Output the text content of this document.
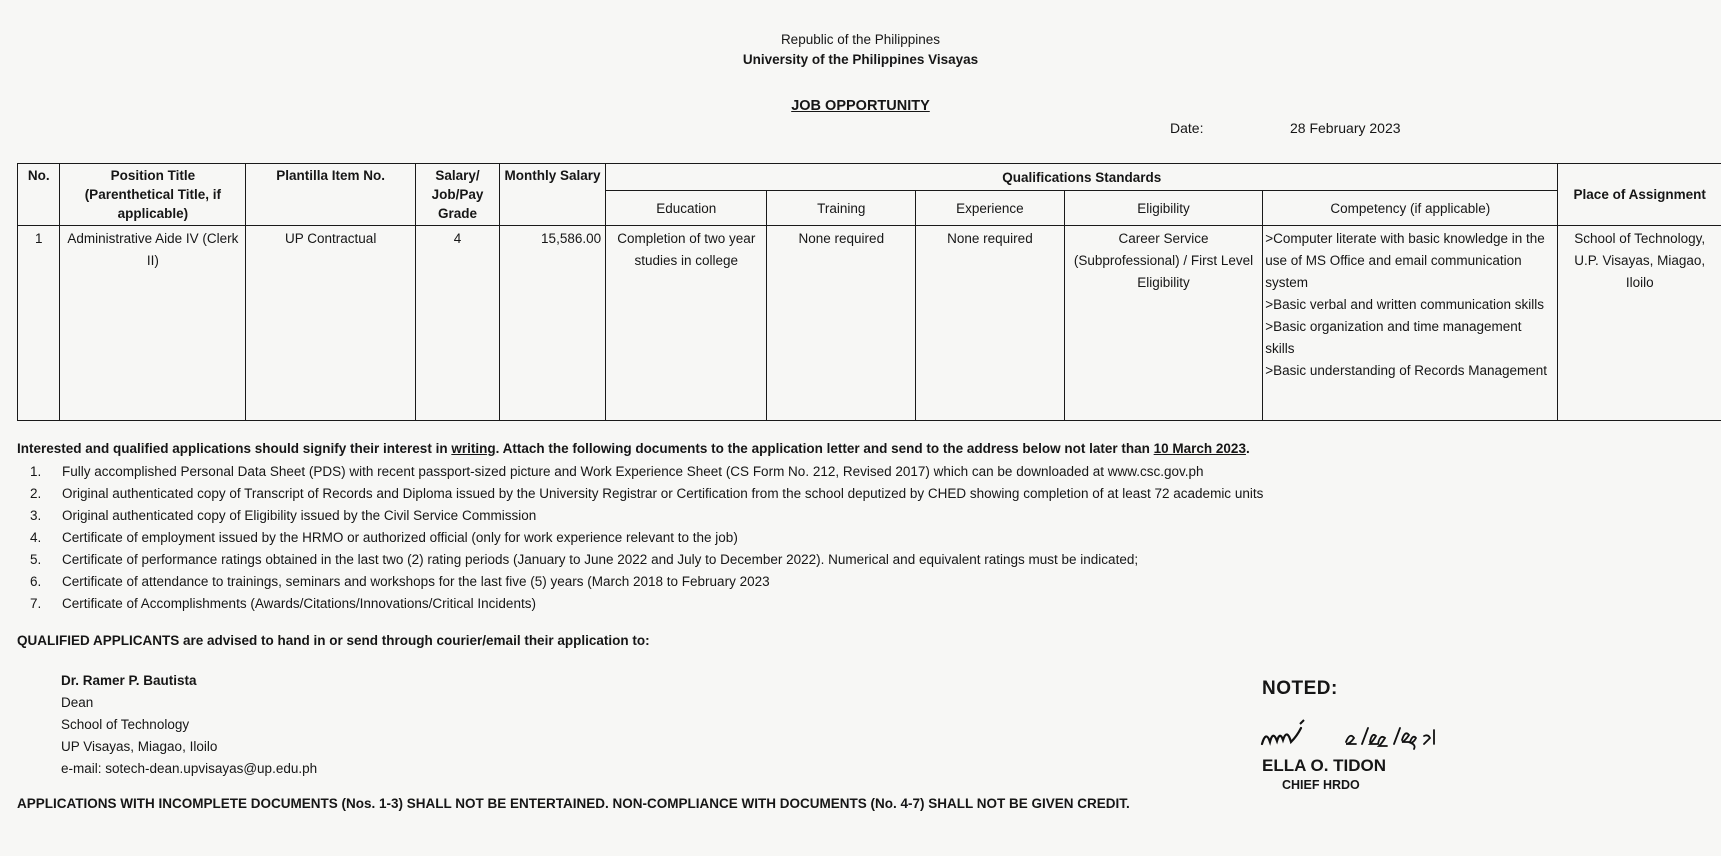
Republic of the Philippines
University of the Philippines Visayas
JOB OPPORTUNITY
Date:	28 February 2023
No.	Position Title (Parenthetical Title, if applicable)	Plantilla Item No.	Salary/ Job/Pay Grade	Monthly Salary	Qualifications Standards					Place of Assignment
					Education	Training	Experience	Eligibility	Competency (if applicable)	
1	Administrative Aide IV (Clerk II)	UP Contractual	4	15,586.00	Completion of two year studies in college	None required	None required	Career Service (Subprofessional) / First Level Eligibility	>Computer literate with basic knowledge in the use of MS Office and email communication system
>Basic verbal and written communication skills
>Basic organization and time management skills
>Basic understanding of Records Management	School of Technology, U.P. Visayas, Miagao, Iloilo
Interested and qualified applications should signify their interest in writing. Attach the following documents to the application letter and send to the address below not later than 10 March 2023.
1. Fully accomplished Personal Data Sheet (PDS) with recent passport-sized picture and Work Experience Sheet (CS Form No. 212, Revised 2017) which can be downloaded at www.csc.gov.ph
2. Original authenticated copy of Transcript of Records and Diploma issued by the University Registrar or Certification from the school deputized by CHED showing completion of at least 72 academic units
3. Original authenticated copy of Eligibility issued by the Civil Service Commission
4. Certificate of employment issued by the HRMO or authorized official (only for work experience relevant to the job)
5. Certificate of performance ratings obtained in the last two (2) rating periods (January to June 2022 and July to December 2022). Numerical and equivalent ratings must be indicated;
6. Certificate of attendance to trainings, seminars and workshops for the last five (5) years (March 2018 to February 2023
7. Certificate of Accomplishments (Awards/Citations/Innovations/Critical Incidents)
QUALIFIED APPLICANTS are advised to hand in or send through courier/email their application to:
Dr. Ramer P. Bautista
Dean
School of Technology
UP Visayas, Miagao, Iloilo
e-mail: sotech-dean.upvisayas@up.edu.ph
NOTED:
ELLA O. TIDON
CHIEF HRDO
APPLICATIONS WITH INCOMPLETE DOCUMENTS (Nos. 1-3) SHALL NOT BE ENTERTAINED. NON-COMPLIANCE WITH DOCUMENTS (No. 4-7) SHALL NOT BE GIVEN CREDIT.
